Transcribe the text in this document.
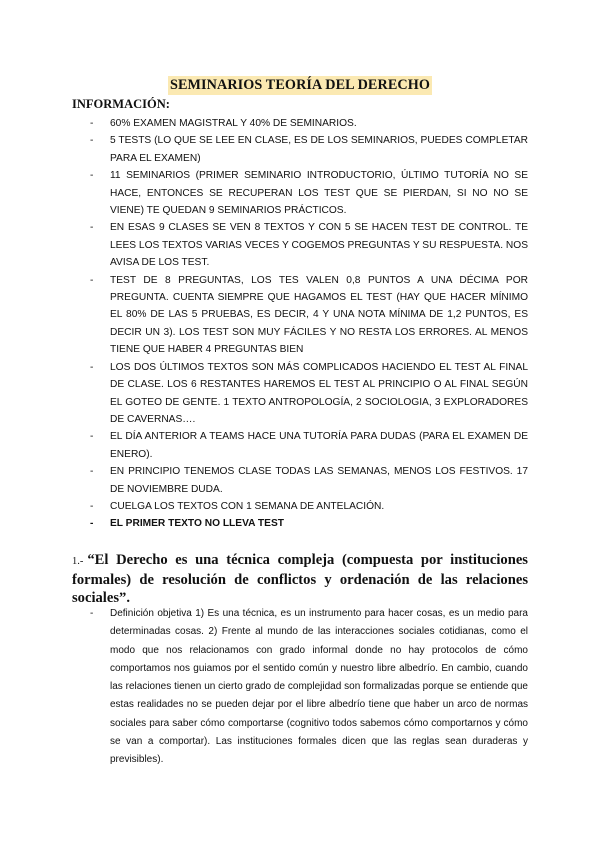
SEMINARIOS TEORÍA DEL DERECHO
INFORMACIÓN:
- 60% EXAMEN MAGISTRAL Y 40% DE SEMINARIOS.
- 5 TESTS (LO QUE SE LEE EN CLASE, ES DE LOS SEMINARIOS, PUEDES COMPLETAR PARA EL EXAMEN)
- 11 SEMINARIOS (PRIMER SEMINARIO INTRODUCTORIO, ÚLTIMO TUTORÍA NO SE HACE, ENTONCES SE RECUPERAN LOS TEST QUE SE PIERDAN, SI NO NO SE VIENE) TE QUEDAN 9 SEMINARIOS PRÁCTICOS.
- EN ESAS 9 CLASES SE VEN 8 TEXTOS Y CON 5 SE HACEN TEST DE CONTROL. TE LEES LOS TEXTOS VARIAS VECES Y COGEMOS PREGUNTAS Y SU RESPUESTA. NOS AVISA DE LOS TEST.
- TEST DE 8 PREGUNTAS, LOS TES VALEN 0,8 PUNTOS A UNA DÉCIMA POR PREGUNTA. CUENTA SIEMPRE QUE HAGAMOS EL TEST (HAY QUE HACER MÍNIMO EL 80% DE LAS 5 PRUEBAS, ES DECIR, 4 Y UNA NOTA MÍNIMA DE 1,2 PUNTOS, ES DECIR UN 3). LOS TEST SON MUY FÁCILES Y NO RESTA LOS ERRORES. AL MENOS TIENE QUE HABER 4 PREGUNTAS BIEN
- LOS DOS ÚLTIMOS TEXTOS SON MÁS COMPLICADOS HACIENDO EL TEST AL FINAL DE CLASE. LOS 6 RESTANTES HAREMOS EL TEST AL PRINCIPIO O AL FINAL SEGÚN EL GOTEO DE GENTE. 1 TEXTO ANTROPOLOGÍA, 2 SOCIOLOGIA, 3 EXPLORADORES DE CAVERNAS….
- EL DÍA ANTERIOR A TEAMS HACE UNA TUTORÍA PARA DUDAS (PARA EL EXAMEN DE ENERO).
- EN PRINCIPIO TENEMOS CLASE TODAS LAS SEMANAS, MENOS LOS FESTIVOS. 17 DE NOVIEMBRE DUDA.
- CUELGA LOS TEXTOS CON 1 SEMANA DE ANTELACIÓN.
- EL PRIMER TEXTO NO LLEVA TEST
1.- “El Derecho es una técnica compleja (compuesta por instituciones formales) de resolución de conflictos y ordenación de las relaciones sociales”.
- Definición objetiva 1) Es una técnica, es un instrumento para hacer cosas, es un medio para determinadas cosas. 2) Frente al mundo de las interacciones sociales cotidianas, como el modo que nos relacionamos con grado informal donde no hay protocolos de cómo comportamos nos guiamos por el sentido común y nuestro libre albedrío. En cambio, cuando las relaciones tienen un cierto grado de complejidad son formalizadas porque se entiende que estas realidades no se pueden dejar por el libre albedrío tiene que haber un arco de normas sociales para saber cómo comportarse (cognitivo todos sabemos cómo comportarnos y cómo se van a comportar). Las instituciones formales dicen que las reglas sean duraderas y previsibles).
